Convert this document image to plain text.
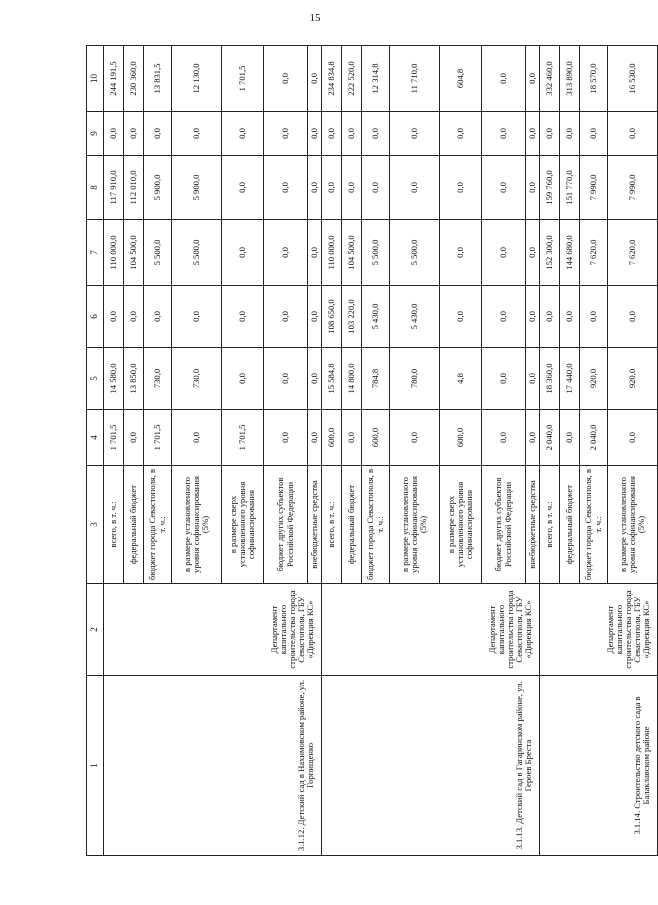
15
1	2	3	4	5	6	7	8	9	10
3.1.12. Детский сад в Нахимовском районе, ул. Горпищенко	Департамент капитального строительства города Севастополя, ГБУ «Дирекция КС»	всего, в т. ч.:	1 701,5	14 580,0	0,0	110 000,0	117 910,0	0,0	244 191,5
		федеральный бюджет	0,0	13 850,0	0,0	104 500,0	112 010,0	0,0	230 360,0
		бюджет города Севастополя, в т. ч.:	1 701,5	730,0	0,0	5 500,0	5 900,0	0,0	13 831,5
		в размере установленного уровня софинансирования (5%)	0,0	730,0	0,0	5 500,0	5 900,0	0,0	12 130,0
		в размере сверх установленного уровня софинансирования	1 701,5	0,0	0,0	0,0	0,0	0,0	1 701,5
		бюджет других субъектов Российской Федерации	0,0	0,0	0,0	0,0	0,0	0,0	0,0
		внебюджетные средства	0,0	0,0	0,0	0,0	0,0	0,0	0,0
3.1.13. Детский сад в Гагаринском районе, ул. Героев Бреста	Департамент капитального строительства города Севастополя, ГБУ «Дирекция КС»	всего, в т. ч.:	600,0	15 584,8	108 650,0	110 000,0	0,0	0,0	234 834,8
		федеральный бюджет	0,0	14 800,0	103 220,0	104 500,0	0,0	0,0	222 520,0
		бюджет города Севастополя, в т. ч.:	600,0	784,8	5 430,0	5 500,0	0,0	0,0	12 314,8
		в размере установленного уровня софинансирования (5%)	0,0	780,0	5 430,0	5 500,0	0,0	0,0	11 710,0
		в размере сверх установленного уровня софинансирования	600,0	4,8	0,0	0,0	0,0	0,0	604,8
		бюджет других субъектов Российской Федерации	0,0	0,0	0,0	0,0	0,0	0,0	0,0
		внебюджетные средства	0,0	0,0	0,0	0,0	0,0	0,0	0,0
3.1.14. Строительство детского сада в Балаклавском районе	Департамент капитального строительства города Севастополя, ГБУ «Дирекция КС»	всего, в т. ч.:	2 040,0	18 360,0	0,0	152 300,0	159 760,0	0,0	332 460,0
		федеральный бюджет	0,0	17 440,0	0,0	144 680,0	151 770,0	0,0	313 890,0
		бюджет города Севастополя, в т. ч.:	2 040,0	920,0	0,0	7 620,0	7 990,0	0,0	18 570,0
		в размере установленного уровня софинансирования (5%)	0,0	920,0	0,0	7 620,0	7 990,0	0,0	16 530,0
